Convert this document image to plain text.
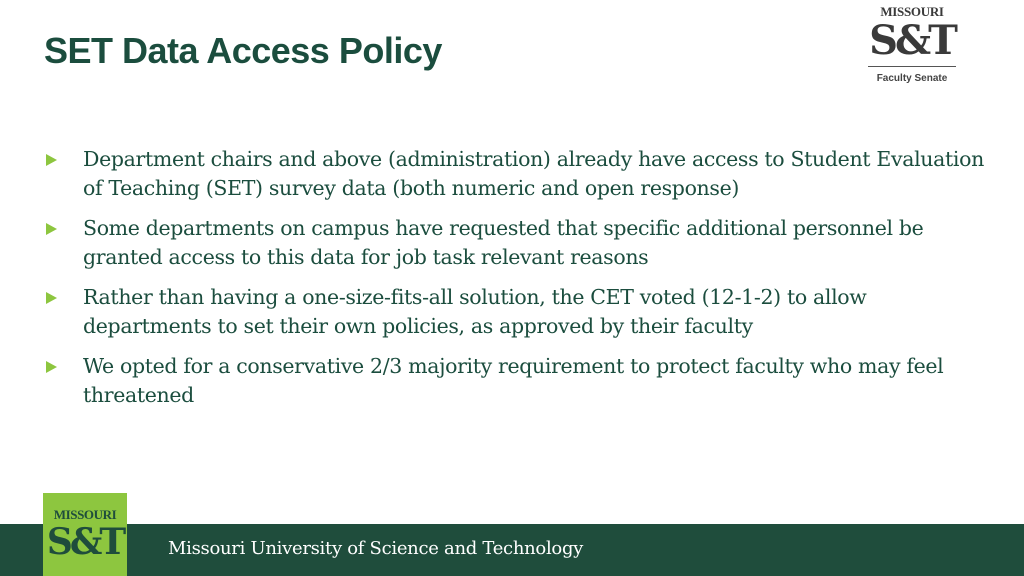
SET Data Access Policy
MISSOURI
S&T
Faculty Senate
Department chairs and above (administration) already have access to Student Evaluation of Teaching (SET) survey data (both numeric and open response)
Some departments on campus have requested that specific additional personnel be granted access to this data for job task relevant reasons
Rather than having a one-size-fits-all solution, the CET voted (12-1-2) to allow departments to set their own policies, as approved by their faculty
We opted for a conservative 2/3 majority requirement to protect faculty who may feel threatened
Missouri University of Science and Technology
MISSOURI
S&T
